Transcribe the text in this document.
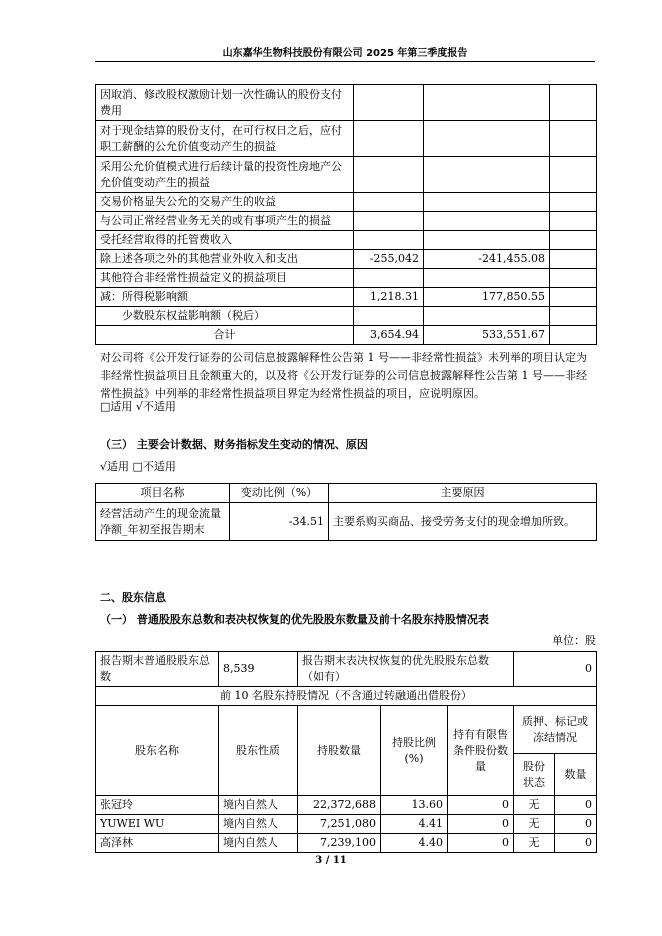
山东嘉华生物科技股份有限公司 2025 年第三季度报告
因取消、修改股权激励计划一次性确认的股份支付费用			
对于现金结算的股份支付，在可行权日之后，应付职工薪酬的公允价值变动产生的损益			
采用公允价值模式进行后续计量的投资性房地产公允价值变动产生的损益			
交易价格显失公允的交易产生的收益			
与公司正常经营业务无关的或有事项产生的损益			
受托经营取得的托管费收入			
除上述各项之外的其他营业外收入和支出	-255,042	-241,455.08	
其他符合非经常性损益定义的损益项目			
减：所得税影响额	1,218.31	177,850.55	
少数股东权益影响额（税后）			
合计	3,654.94	533,551.67	
对公司将《公开发行证券的公司信息披露解释性公告第 1 号——非经常性损益》未列举的项目认定为非经常性损益项目且金额重大的，以及将《公开发行证券的公司信息披露解释性公告第 1 号——非经常性损益》中列举的非经常性损益项目界定为经常性损益的项目，应说明原因。
□适用 √不适用
（三） 主要会计数据、财务指标发生变动的情况、原因
√适用 □不适用
项目名称	变动比例（%）	主要原因
经营活动产生的现金流量净额_年初至报告期末	-34.51	主要系购买商品、接受劳务支付的现金增加所致。
二、股东信息
（一） 普通股股东总数和表决权恢复的优先股股东数量及前十名股东持股情况表
单位：股
报告期末普通股股东总数	8,539	报告期末表决权恢复的优先股股东总数（如有）			0	
前 10 名股东持股情况（不含通过转融通出借股份）						
股东名称	股东性质	持股数量	持股比例(%)	持有有限售条件股份数量	质押、标记或冻结情况	
					股份状态	数量
张冠玲	境内自然人	22,372,688	13.60	0	无	0
YUWEI WU	境内自然人	7,251,080	4.41	0	无	0
高泽林	境内自然人	7,239,100	4.40	0	无	0
3 / 11
